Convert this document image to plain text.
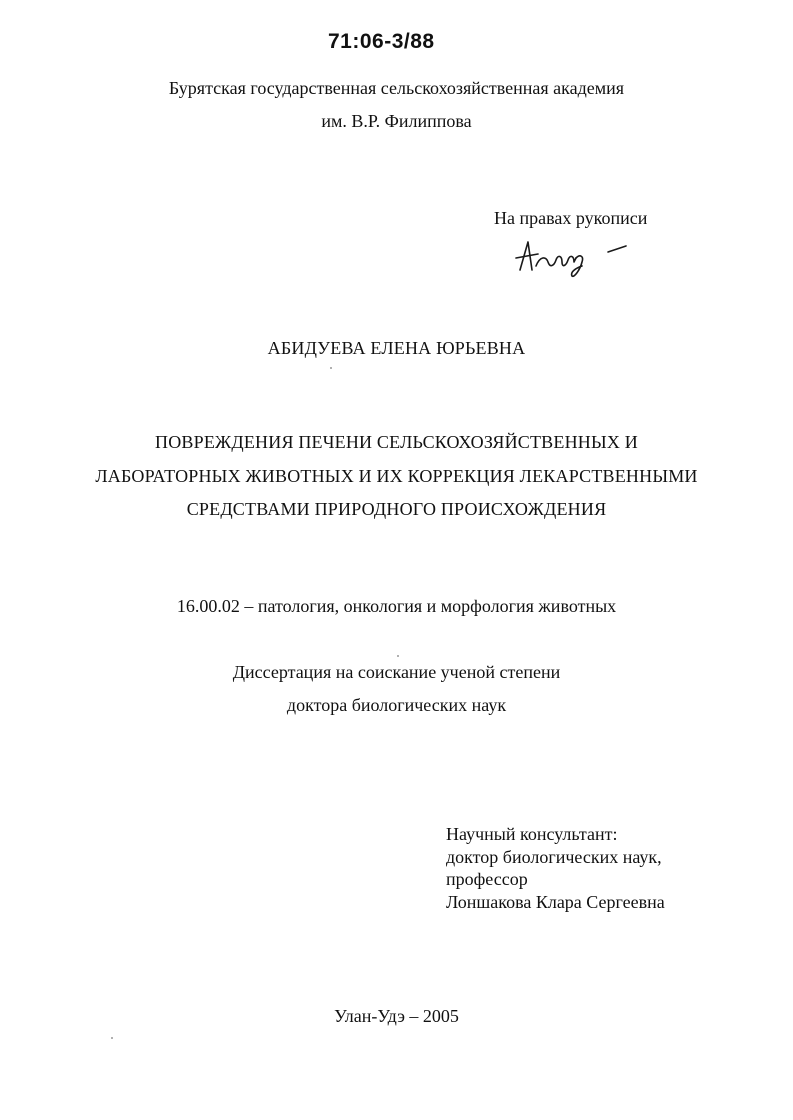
71:06-3/88
Бурятская государственная сельскохозяйственная академия
им. В.Р. Филиппова
На правах рукописи
АБИДУЕВА ЕЛЕНА ЮРЬЕВНА
ПОВРЕЖДЕНИЯ ПЕЧЕНИ СЕЛЬСКОХОЗЯЙСТВЕННЫХ И
ЛАБОРАТОРНЫХ ЖИВОТНЫХ И ИХ КОРРЕКЦИЯ ЛЕКАРСТВЕННЫМИ
СРЕДСТВАМИ ПРИРОДНОГО ПРОИСХОЖДЕНИЯ
16.00.02 – патология, онкология и морфология животных
Диссертация на соискание ученой степени
доктора биологических наук
Научный консультант:
доктор биологических наук,
профессор
Лоншакова Клара Сергеевна
Улан-Удэ – 2005
